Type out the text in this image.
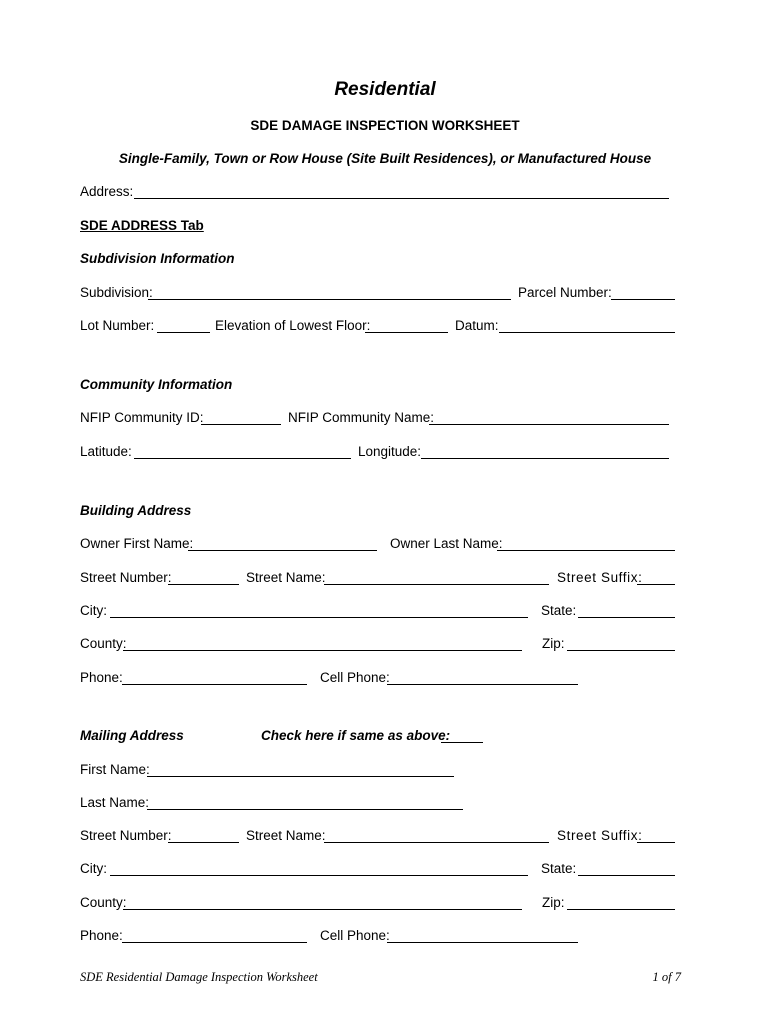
Residential
SDE DAMAGE INSPECTION WORKSHEET
Single-Family, Town or Row House (Site Built Residences), or Manufactured House
Address:
SDE ADDRESS Tab
Subdivision Information
Subdivision:	Parcel Number:
Lot Number:	Elevation of Lowest Floor:	Datum:
Community Information
NFIP Community ID:	NFIP Community Name:
Latitude:	Longitude:
Building Address
Owner First Name:	Owner Last Name:
Street Number:	Street Name:	Street Suffix:
City:	State:
County:	Zip:
Phone:	Cell Phone:
Mailing Address	Check here if same as above:
First Name:
Last Name:
Street Number:	Street Name:	Street Suffix:
City:	State:
County:	Zip:
Phone:	Cell Phone:
SDE Residential Damage Inspection Worksheet	1 of 7
